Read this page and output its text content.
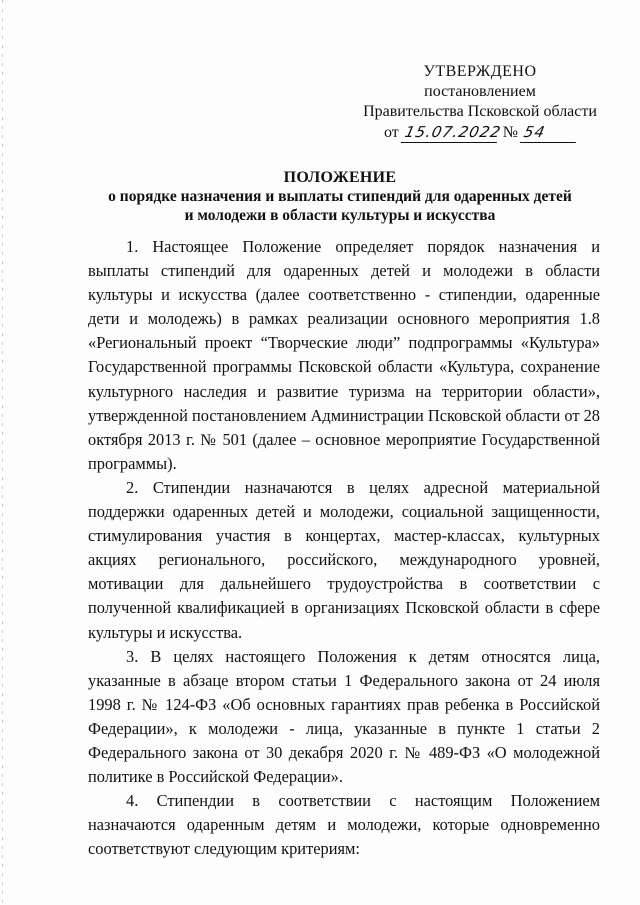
УТВЕРЖДЕНО
постановлением
Правительства Псковской области
от 15.07.2022 № 54
ПОЛОЖЕНИЕ
о порядке назначения и выплаты стипендий для одаренных детей
и молодежи в области культуры и искусства

1. Настоящее Положение определяет порядок назначения и выплаты стипендий для одаренных детей и молодежи в области культуры и искусства (далее соответственно - стипендии, одаренные дети и молодежь) в рамках реализации основного мероприятия 1.8 «Региональный проект “Творческие люди” подпрограммы «Культура» Государственной программы Псковской области «Культура, сохранение культурного наследия и развитие туризма на территории области», утвержденной постановлением Администрации Псковской области от 28 октября 2013 г. № 501 (далее – основное мероприятие Государственной программы).

2. Стипендии назначаются в целях адресной материальной поддержки одаренных детей и молодежи, социальной защищенности, стимулирования участия в концертах, мастер-классах, культурных акциях регионального, российского, международного уровней, мотивации для дальнейшего трудоустройства в соответствии с полученной квалификацией в организациях Псковской области в сфере культуры и искусства.

3. В целях настоящего Положения к детям относятся лица, указанные в абзаце втором статьи 1 Федерального закона от 24 июля 1998 г. № 124-ФЗ «Об основных гарантиях прав ребенка в Российской Федерации», к молодежи - лица, указанные в пункте 1 статьи 2 Федерального закона от 30 декабря 2020 г. № 489-ФЗ «О молодежной политике в Российской Федерации».

4. Стипендии в соответствии с настоящим Положением назначаются одаренным детям и молодежи, которые одновременно соответствуют следующим критериям:
